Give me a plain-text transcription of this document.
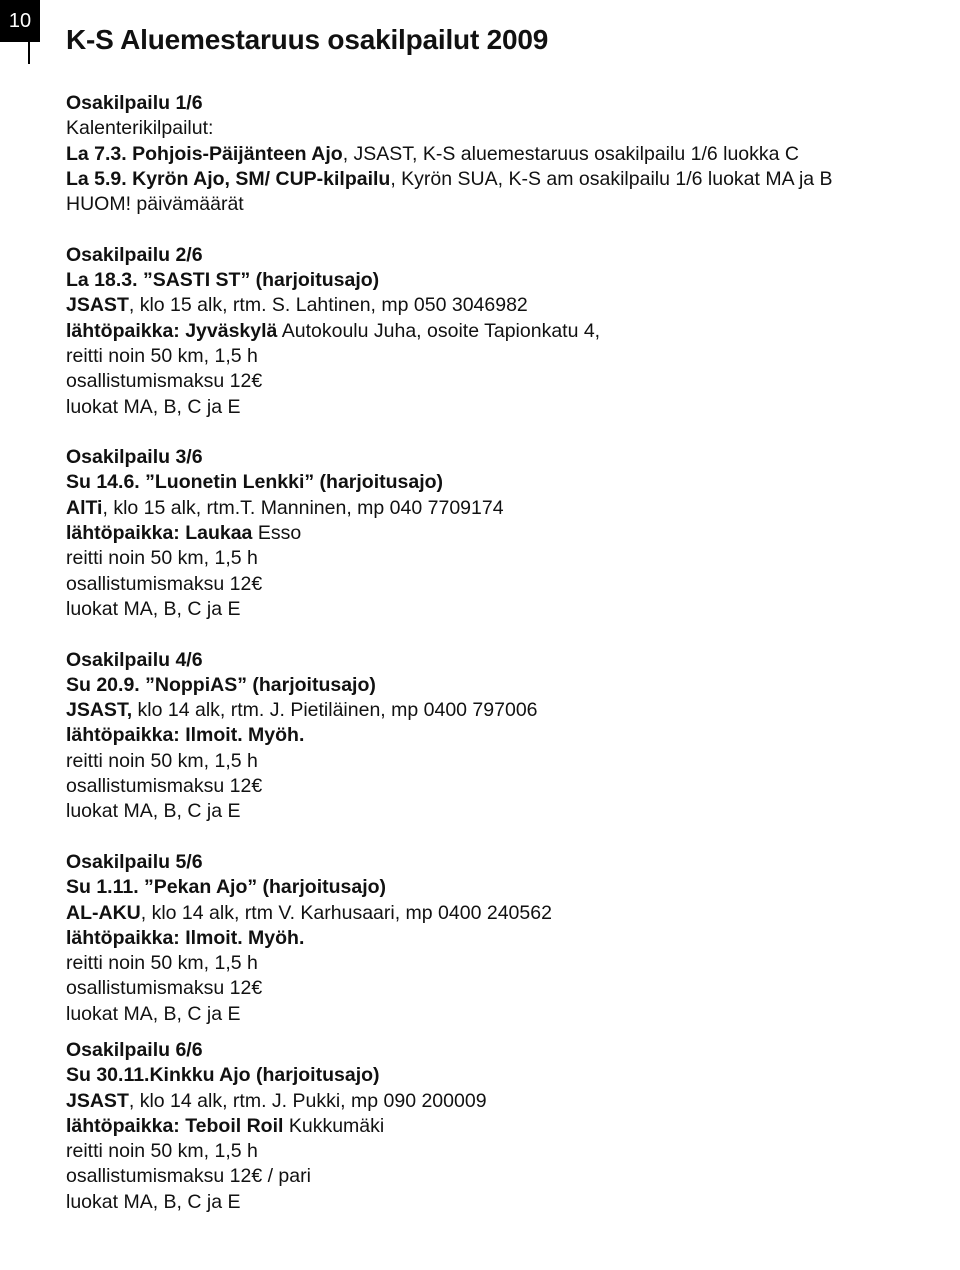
10
K-S Aluemestaruus osakilpailut 2009
Osakilpailu 1/6
Kalenterikilpailut:
La 7.3. Pohjois-Päijänteen Ajo, JSAST, K-S aluemestaruus osakilpailu 1/6 luokka C
La 5.9. Kyrön Ajo, SM/ CUP-kilpailu, Kyrön SUA, K-S am osakilpailu 1/6 luokat MA ja B
HUOM! päivämäärät
Osakilpailu 2/6
La 18.3. ”SASTI ST” (harjoitusajo)
JSAST, klo 15 alk, rtm. S. Lahtinen, mp 050 3046982
lähtöpaikka: Jyväskylä Autokoulu Juha, osoite Tapionkatu 4,
reitti noin 50 km, 1,5 h
osallistumismaksu 12€
luokat MA, B, C ja E
Osakilpailu 3/6
Su 14.6. ”Luonetin Lenkki” (harjoitusajo)
AlTi, klo 15 alk, rtm.T. Manninen, mp 040 7709174
lähtöpaikka: Laukaa Esso
reitti noin 50 km, 1,5 h
osallistumismaksu 12€
luokat MA, B, C ja E
Osakilpailu 4/6
Su 20.9. ”NoppiAS” (harjoitusajo)
JSAST, klo 14 alk, rtm. J. Pietiläinen, mp 0400 797006
lähtöpaikka: Ilmoit. Myöh.
reitti noin 50 km, 1,5 h
osallistumismaksu 12€
luokat MA, B, C ja E
Osakilpailu 5/6
Su 1.11. ”Pekan Ajo” (harjoitusajo)
AL-AKU, klo 14 alk, rtm V. Karhusaari, mp 0400 240562
lähtöpaikka: Ilmoit. Myöh.
reitti noin 50 km, 1,5 h
osallistumismaksu 12€
luokat MA, B, C ja E
Osakilpailu 6/6
Su 30.11.Kinkku Ajo (harjoitusajo)
JSAST, klo 14 alk, rtm. J. Pukki, mp 090 200009
lähtöpaikka: Teboil Roil Kukkumäki
reitti noin 50 km, 1,5 h
osallistumismaksu 12€ / pari
luokat MA, B, C ja E
